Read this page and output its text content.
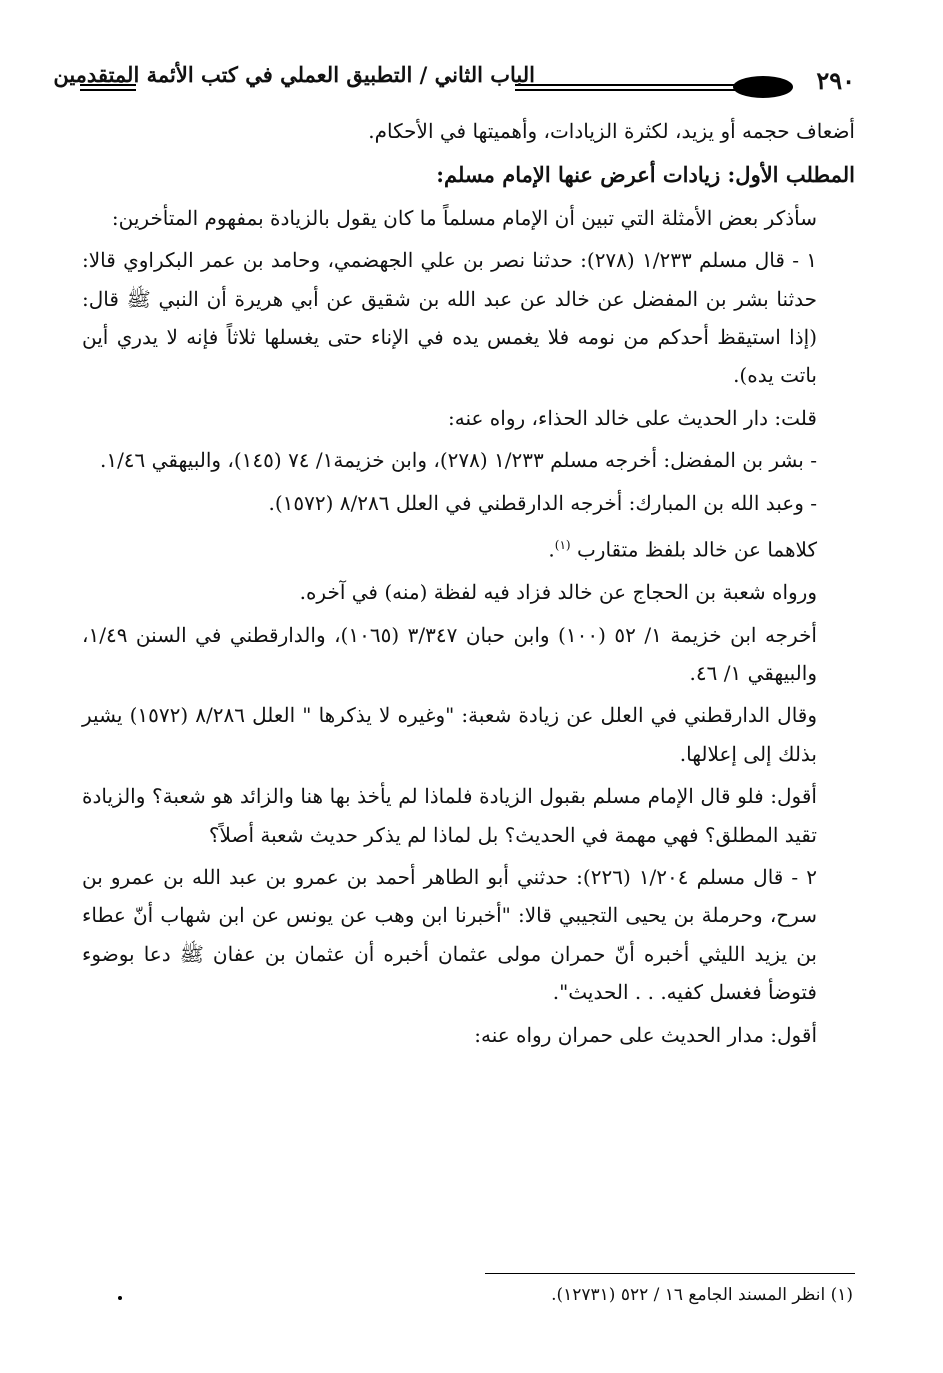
٢٩٠
الباب الثاني / التطبيق العملي في كتب الأئمة المتقدمين

أضعاف حجمه أو يزيد، لكثرة الزيادات، وأهميتها في الأحكام.

المطلب الأول: زيادات أعرض عنها الإمام مسلم:

سأذكر بعض الأمثلة التي تبين أن الإمام مسلماً ما كان يقول بالزيادة بمفهوم المتأخرين:

١ - قال مسلم ١/٢٣٣ (٢٧٨): حدثنا نصر بن علي الجهضمي، وحامد بن عمر البكراوي قالا: حدثنا بشر بن المفضل عن خالد عن عبد الله بن شقيق عن أبي هريرة أن النبي ﷺ قال: (إذا استيقظ أحدكم من نومه فلا يغمس يده في الإناء حتى يغسلها ثلاثاً فإنه لا يدري أين باتت يده).

قلت: دار الحديث على خالد الحذاء، رواه عنه:

- بشر بن المفضل: أخرجه مسلم ١/٢٣٣ (٢٧٨)، وابن خزيمة١/ ٧٤ (١٤٥)، والبيهقي ١/٤٦.

- وعبد الله بن المبارك: أخرجه الدارقطني في العلل ٨/٢٨٦ (١٥٧٢).

كلاهما عن خالد بلفظ متقارب $^{(١)}$.

ورواه شعبة بن الحجاج عن خالد فزاد فيه لفظة (منه) في آخره.

أخرجه ابن خزيمة ١/ ٥٢ (١٠٠) وابن حبان ٣/٣٤٧ (١٠٦٥)، والدارقطني في السنن ١/٤٩، والبيهقي ١/ ٤٦.

وقال الدارقطني في العلل عن زيادة شعبة: "وغيره لا يذكرها " العلل ٨/٢٨٦ (١٥٧٢) يشير بذلك إلى إعلالها.

أقول: فلو قال الإمام مسلم بقبول الزيادة فلماذا لم يأخذ بها هنا والزائد هو شعبة؟ والزيادة تقيد المطلق؟ فهي مهمة في الحديث؟ بل لماذا لم يذكر حديث شعبة أصلاً؟

٢ - قال مسلم ١/٢٠٤ (٢٢٦): حدثني أبو الطاهر أحمد بن عمرو بن عبد الله بن عمرو بن سرح، وحرملة بن يحيى التجيبي قالا: "أخبرنا ابن وهب عن يونس عن ابن شهاب أنّ عطاء بن يزيد الليثي أخبره أنّ حمران مولى عثمان أخبره أن عثمان بن عفان ﷺ دعا بوضوء فتوضأ فغسل كفيه. . . الحديث".

أقول: مدار الحديث على حمران رواه عنه:

(١) انظر المسند الجامع ١٦ / ٥٢٢ (١٢٧٣١).
